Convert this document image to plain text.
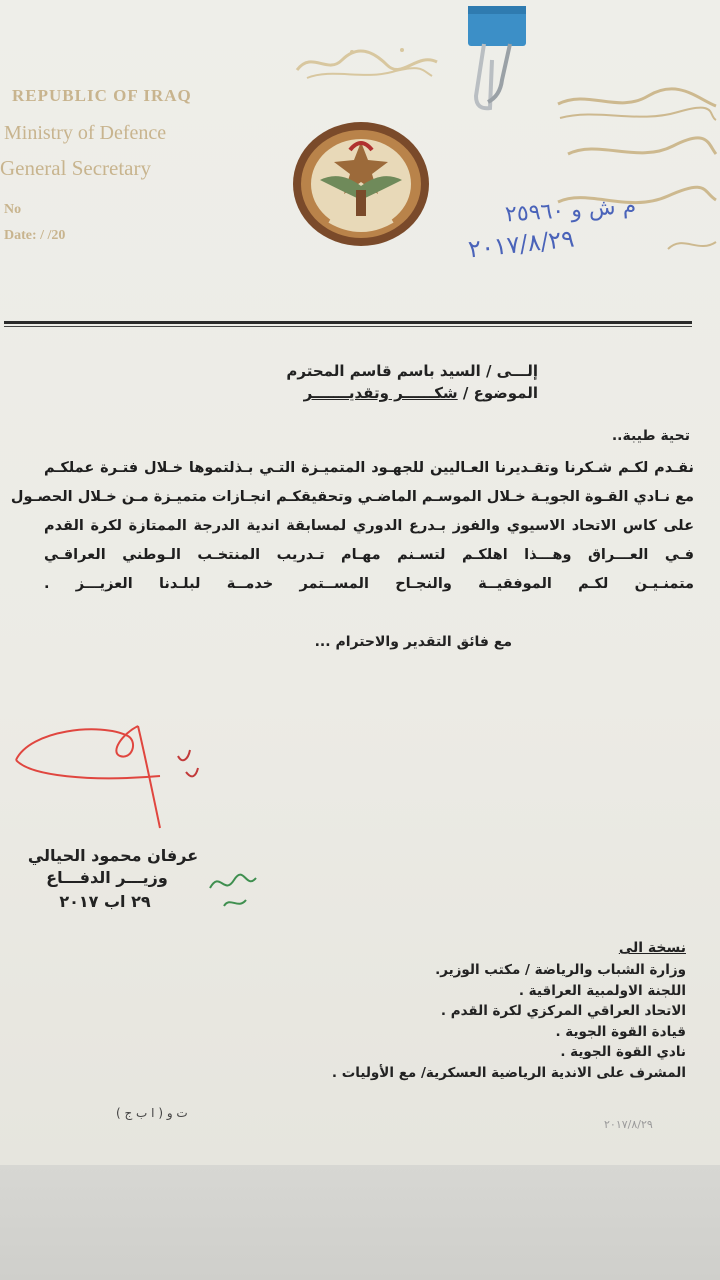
REPUBLIC OF IRAQ
Ministry of Defence
General Secretary
No
Date: / /20
م ش و ٢٥٩٦٠
٢٠١٧/٨/٢٩
إلـــى / السيد باسم قاسم المحترم
الموضوع / شكــــــر وتقديـــــــر
تحية طيبة..
نقـدم لكـم شـكرنا وتقـديرنا العـاليين للجهـود المتميـزة التـي بـذلتموها خـلال فتـرة عملكـم
مع نـادي القـوة الجويـة خـلال الموسـم الماضـي وتحقيقكـم انجـازات متميـزة مـن خـلال الحصـول
على كاس الاتحاد الاسيوي والفوز بـدرع الدوري لمسابقة اندية الدرجة الممتازة لكرة القدم
فـي العـــراق وهـــذا اهلكـم لتسـنم مهـام تـدريب المنتخـب الـوطني العراقـي
متمنـيـن لكـم الموفقيــة والنجـاح المســتمر خدمــة لبلـدنا العزيـــز .
مع فائق التقدير والاحترام ...
عرفان محمود الحيالي
وزيـــر الدفـــاع
٢٩ اب ٢٠١٧
نسخة الى
وزارة الشباب والرياضة / مكتب الوزير.
اللجنة الاولمبية العراقية .
الاتحاد العراقي المركزي لكرة القدم .
قيادة القوة الجوية .
نادي القوة الجوية .
المشرف على الاندية الرياضية العسكرية/ مع الأوليات .
ت و ( ا ب ج )
٢٠١٧/٨/٢٩
